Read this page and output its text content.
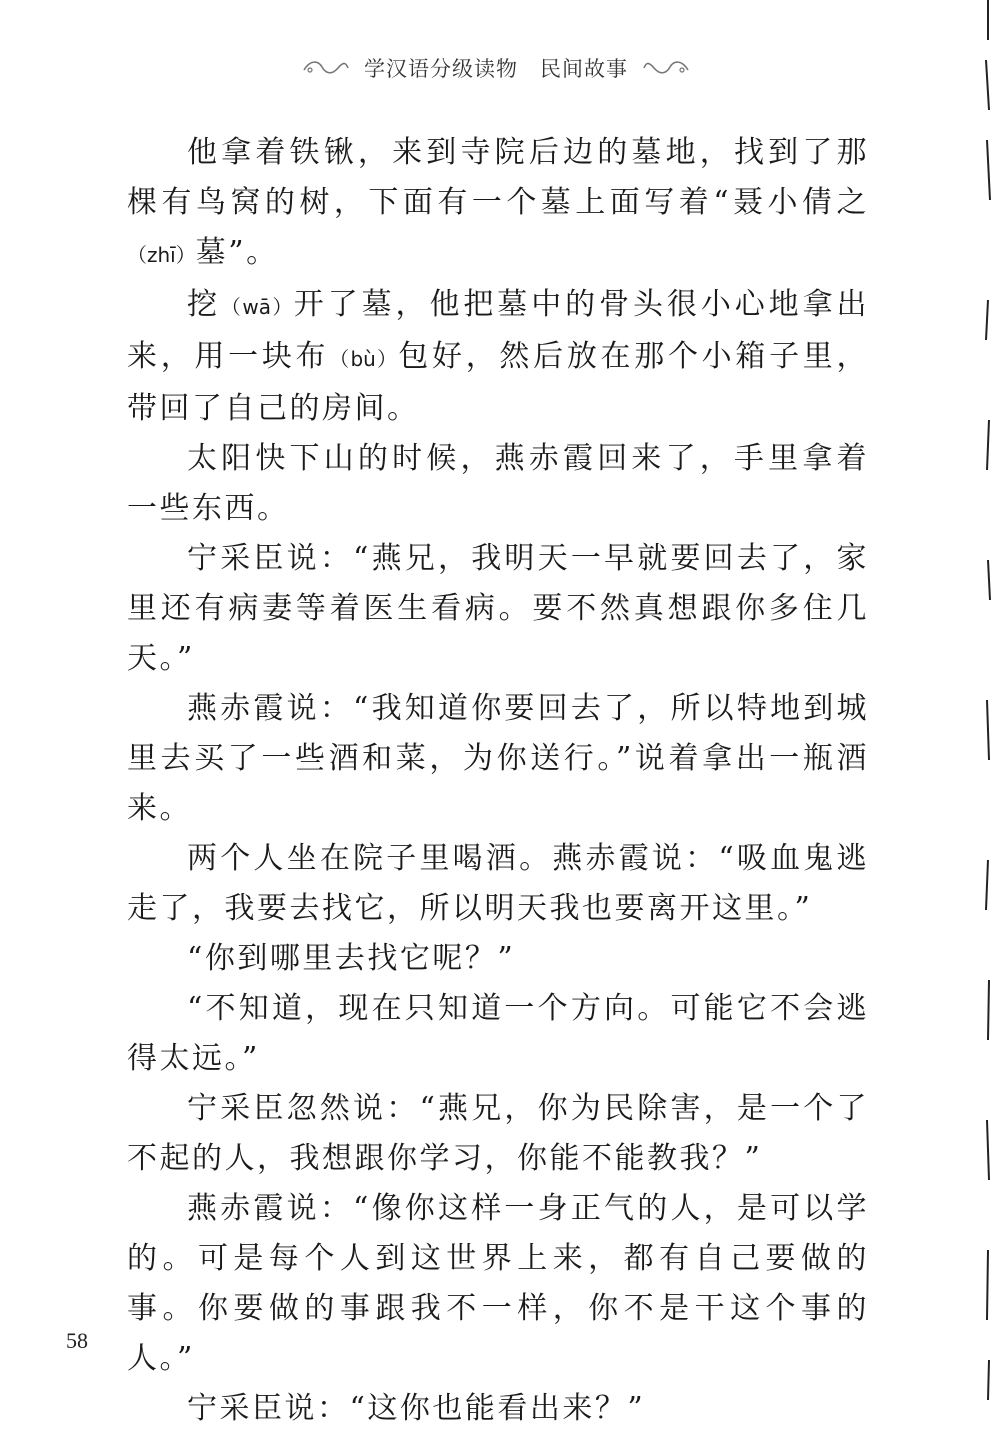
学汉语分级读物 民间故事

他拿着铁锹，来到寺院后边的墓地，找到了那棵有鸟窝的树，下面有一个墓上面写着“聂小倩之（zhī）墓”。

挖（wā）开了墓，他把墓中的骨头很小心地拿出来，用一块布（bù）包好，然后放在那个小箱子里，带回了自己的房间。

太阳快下山的时候，燕赤霞回来了，手里拿着一些东西。

宁采臣说：“燕兄，我明天一早就要回去了，家里还有病妻等着医生看病。要不然真想跟你多住几天。”

燕赤霞说：“我知道你要回去了，所以特地到城里去买了一些酒和菜，为你送行。”说着拿出一瓶酒来。

两个人坐在院子里喝酒。燕赤霞说：“吸血鬼逃走了，我要去找它，所以明天我也要离开这里。”

“你到哪里去找它呢？”

“不知道，现在只知道一个方向。可能它不会逃得太远。”

宁采臣忽然说：“燕兄，你为民除害，是一个了不起的人，我想跟你学习，你能不能教我？”

燕赤霞说：“像你这样一身正气的人，是可以学的。可是每个人到这世界上来，都有自己要做的事。你要做的事跟我不一样，你不是干这个事的人。”

宁采臣说：“这你也能看出来？”

58
